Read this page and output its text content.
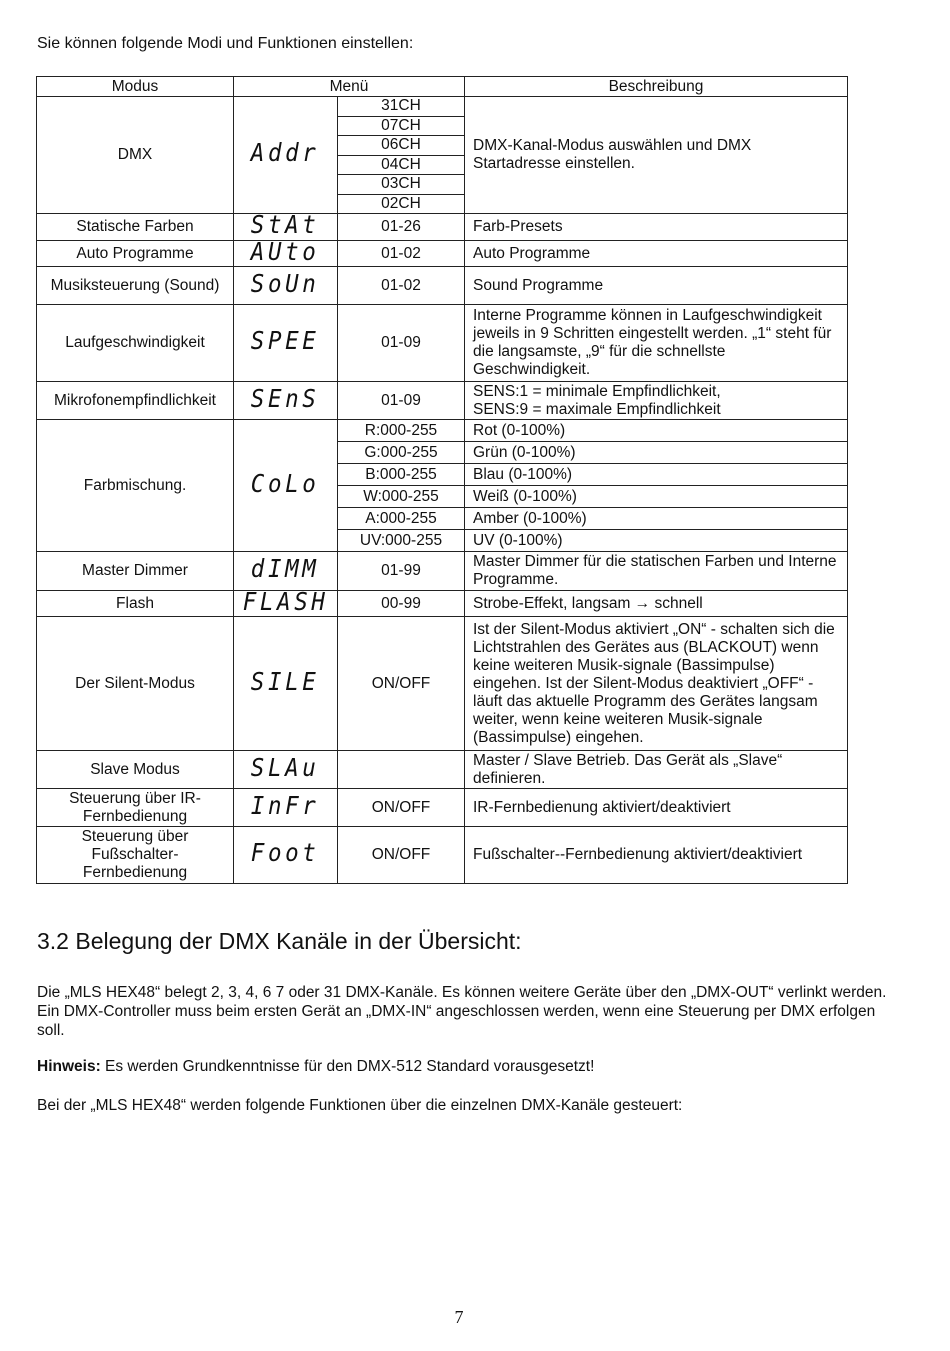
Sie können folgende Modi und Funktionen einstellen:
Modus	Menü		Beschreibung
DMX	Addr	31CH	DMX-Kanal-Modus auswählen und DMX Startadresse einstellen.
		07CH	
		06CH	
		04CH	
		03CH	
		02CH	
Statische Farben	StAt	01-26	Farb-Presets
Auto Programme	AUto	01-02	Auto Programme
Musiksteuerung (Sound)	SoUn	01-02	Sound Programme
Laufgeschwindigkeit	SPEE	01-09	Interne Programme können in Laufgeschwindigkeit jeweils in 9 Schritten eingestellt werden. „1“ steht für die langsamste, „9“ für die schnellste Geschwindigkeit.
Mikrofonempfindlichkeit	SEnS	01-09	SENS:1 = minimale Empfindlichkeit,
SENS:9 = maximale Empfindlichkeit
Farbmischung.	CoLo	R:000-255	Rot (0-100%)
		G:000-255	Grün (0-100%)
		B:000-255	Blau (0-100%)
		W:000-255	Weiß (0-100%)
		A:000-255	Amber (0-100%)
		UV:000-255	UV (0-100%)
Master Dimmer	dIMM	01-99	Master Dimmer für die statischen Farben und Interne Programme.
Flash	FLASH	00-99	Strobe-Effekt, langsam → schnell
Der Silent-Modus	SILE	ON/OFF	Ist der Silent-Modus aktiviert „ON“ - schalten sich die Lichtstrahlen des Gerätes aus (BLACKOUT) wenn keine weiteren Musik-signale (Bassimpulse) eingehen. Ist der Silent-Modus deaktiviert „OFF“ - läuft das aktuelle Programm des Gerätes langsam weiter, wenn keine weiteren Musik-signale (Bassimpulse) eingehen.
Slave Modus	SLAu		Master / Slave Betrieb. Das Gerät als „Slave“ definieren.
Steuerung über IR-Fernbedienung	InFr	ON/OFF	IR-Fernbedienung aktiviert/deaktiviert
Steuerung über Fußschalter-Fernbedienung	Foot	ON/OFF	Fußschalter--Fernbedienung aktiviert/deaktiviert
3.2 Belegung der DMX Kanäle in der Übersicht:
Die „MLS HEX48“ belegt 2, 3, 4, 6 7 oder 31 DMX-Kanäle. Es können weitere Geräte über den „DMX-OUT“ verlinkt werden. Ein DMX-Controller muss beim ersten Gerät an „DMX-IN“ angeschlossen werden, wenn eine Steuerung per DMX erfolgen soll.
Hinweis: Es werden Grundkenntnisse für den DMX-512 Standard vorausgesetzt!
Bei der „MLS HEX48“ werden folgende Funktionen über die einzelnen DMX-Kanäle gesteuert:
7
